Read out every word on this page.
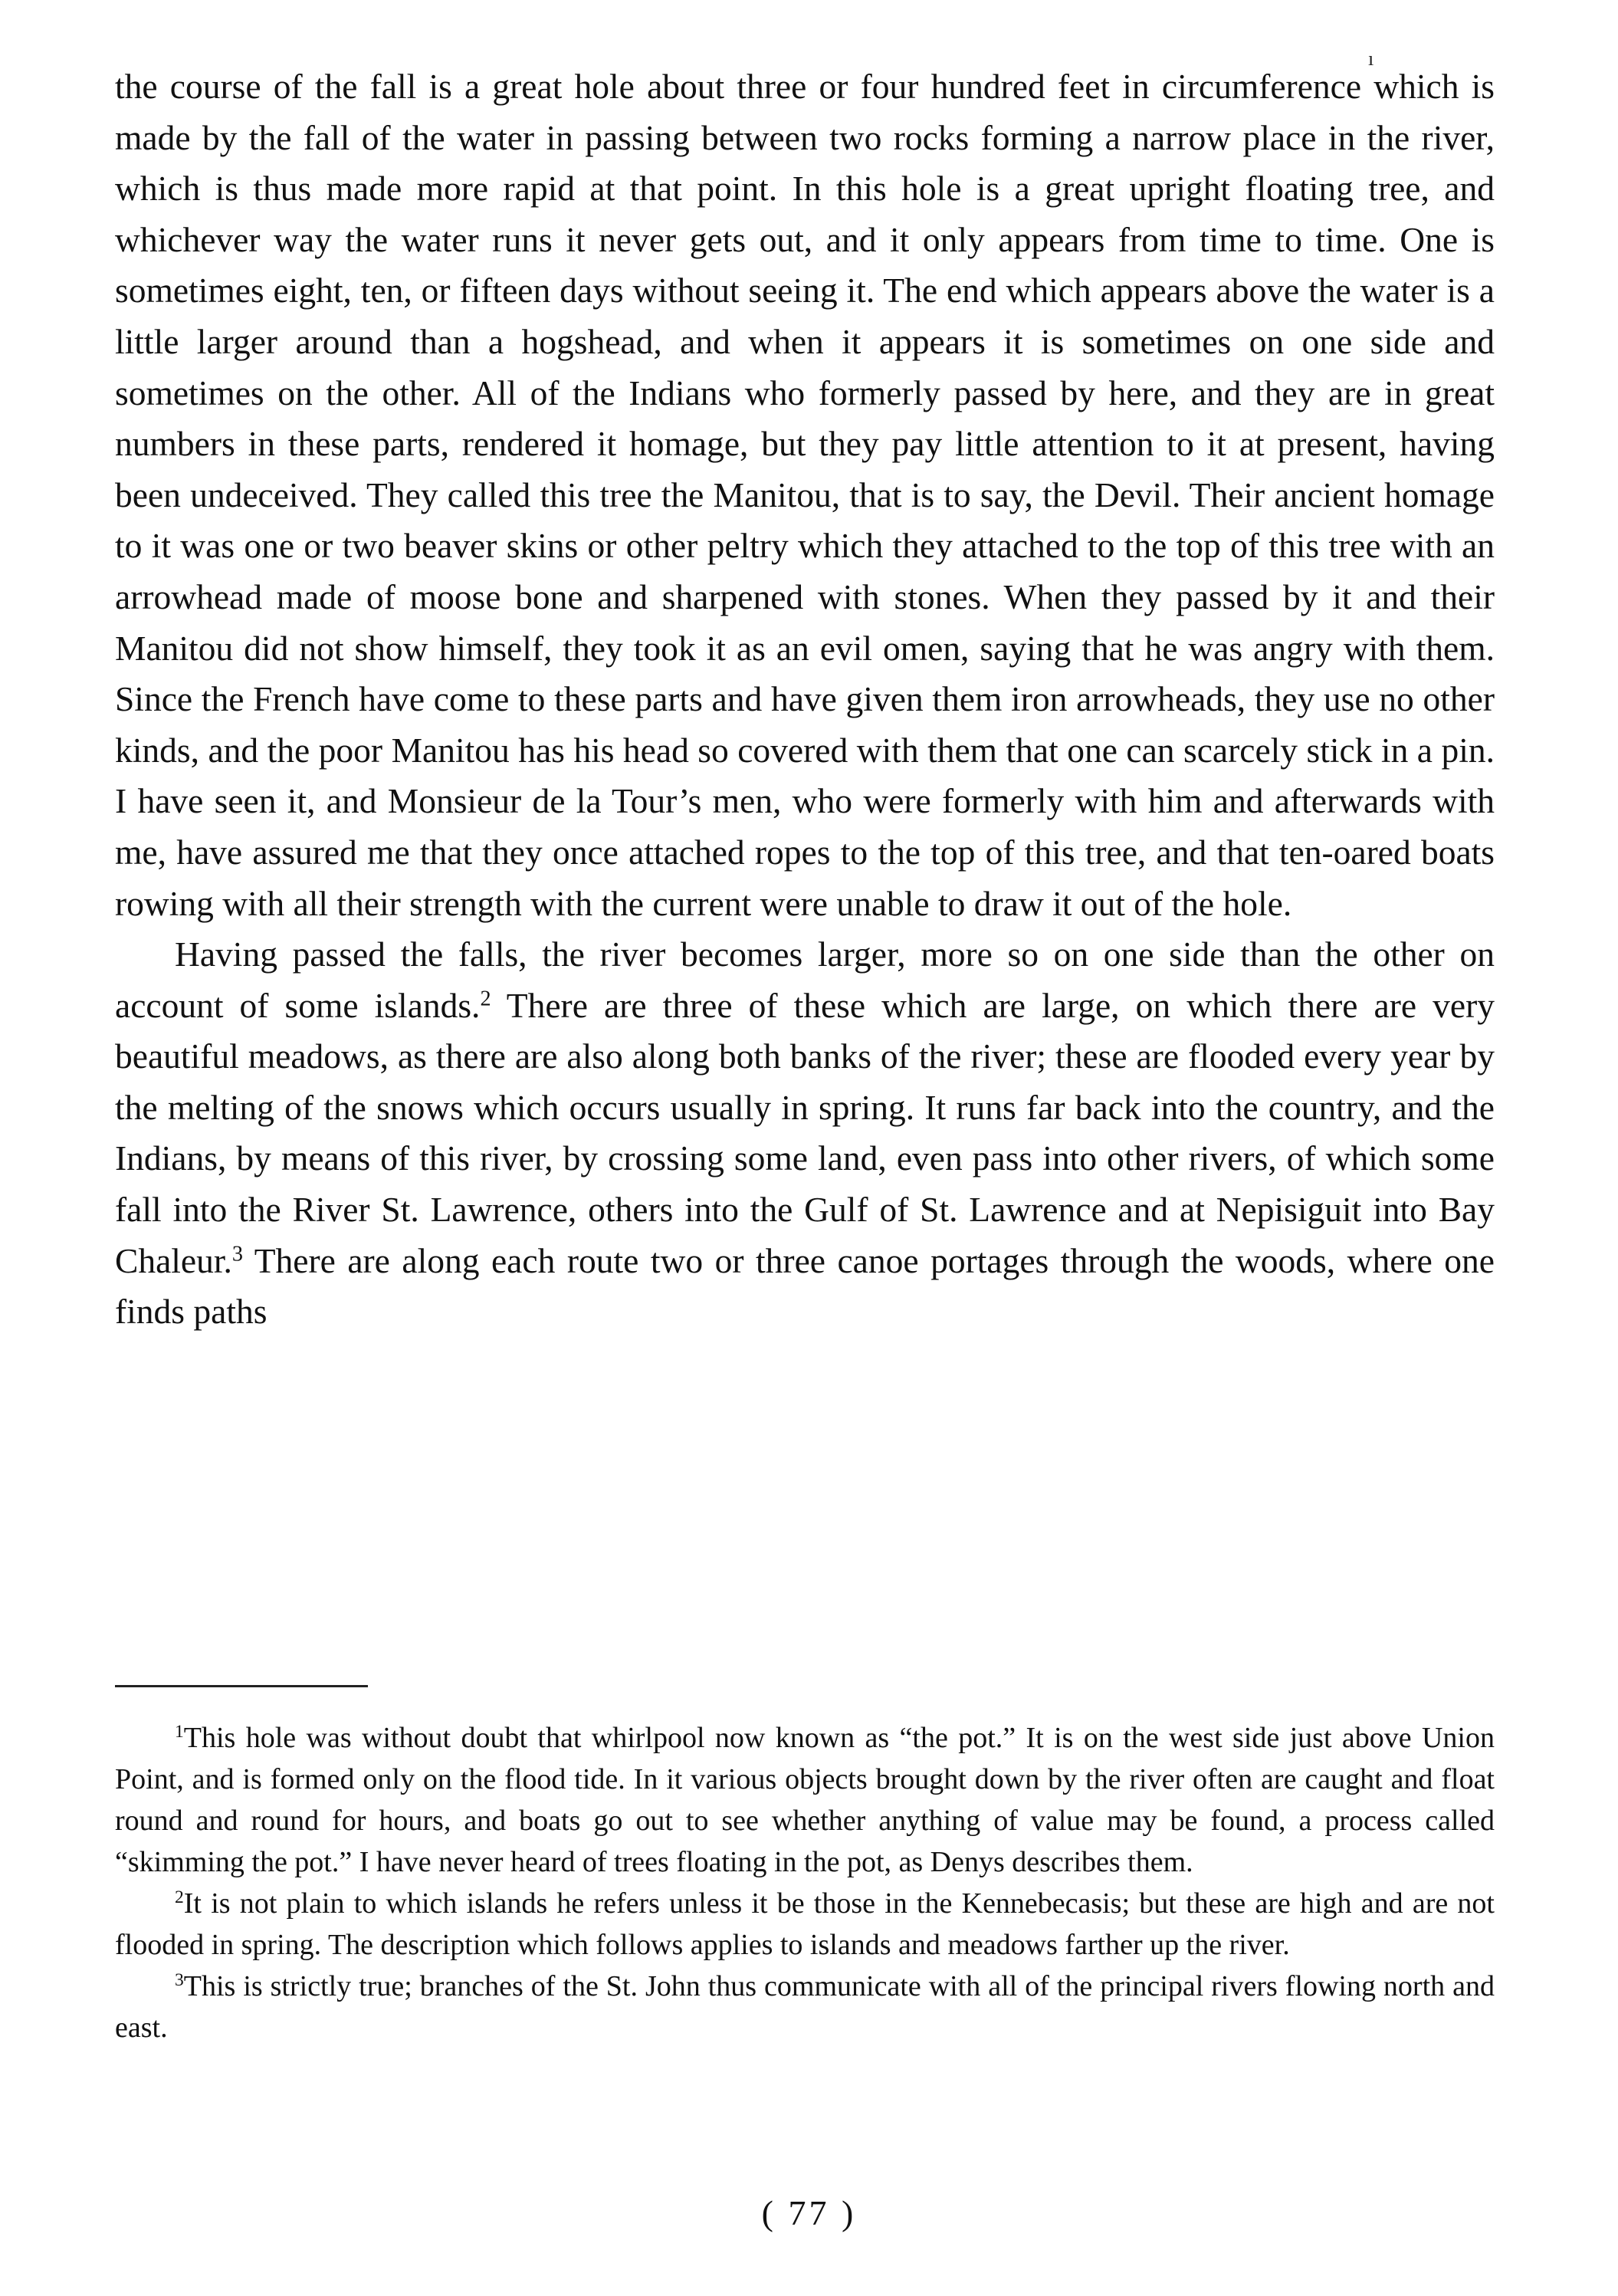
the course of the fall is a great hole about three or four hundred feet in circumference which is made by the fall of the water in passing between two rocks forming a narrow place in the river, which is thus made more rapid at that point. In this hole is a great upright floating tree, and whichever way the water runs it never gets out, and it only appears from time to time. One is sometimes eight, ten, or fifteen days without seeing it. The end which appears above the water is a little larger around than a hogshead, and when it appears it is sometimes on one side and sometimes on the other. All of the Indians who formerly passed by here, and they are in great numbers in these parts, rendered it homage, but they pay little attention to it at present, having been undeceived. They called this tree the Manitou, that is to say, the Devil. Their ancient homage to it was one or two beaver skins or other peltry which they attached to the top of this tree with an arrowhead made of moose bone and sharpened with stones. When they passed by it and their Manitou did not show himself, they took it as an evil omen, saying that he was angry with them. Since the French have come to these parts and have given them iron arrowheads, they use no other kinds, and the poor Manitou has his head so covered with them that one can scarcely stick in a pin. I have seen it, and Monsieur de la Tour’s men, who were formerly with him and afterwards with me, have assured me that they once attached ropes to the top of this tree, and that ten-oared boats rowing with all their strength with the current were unable to draw it out of the hole.

Having passed the falls, the river becomes larger, more so on one side than the other on account of some islands.$^2$ There are three of these which are large, on which there are very beautiful meadows, as there are also along both banks of the river; these are flooded every year by the melting of the snows which occurs usually in spring. It runs far back into the country, and the Indians, by means of this river, by crossing some land, even pass into other rivers, of which some fall into the River St. Lawrence, others into the Gulf of St. Lawrence and at Nepisiguit into Bay Chaleur.$^3$ There are along each route two or three canoe portages through the woods, where one finds paths

ı

$^1$This hole was without doubt that whirlpool now known as “the pot.” It is on the west side just above Union Point, and is formed only on the flood tide. In it various objects brought down by the river often are caught and float round and round for hours, and boats go out to see whether anything of value may be found, a process called “skimming the pot.” I have never heard of trees floating in the pot, as Denys describes them.

$^2$It is not plain to which islands he refers unless it be those in the Kennebecasis; but these are high and are not flooded in spring. The description which follows applies to islands and meadows farther up the river.

$^3$This is strictly true; branches of the St. John thus communicate with all of the principal rivers flowing north and east.

( 77 )
